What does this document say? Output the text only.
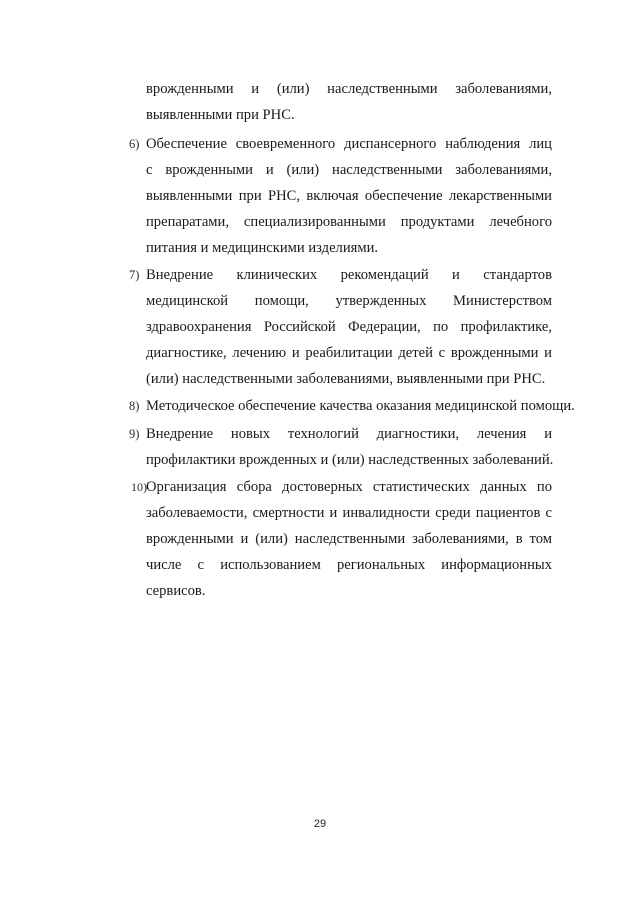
врожденными и (или) наследственными заболеваниями,
выявленными при РНС.
6) Обеспечение своевременного диспансерного наблюдения лиц
с врожденными и (или) наследственными заболеваниями,
выявленными при РНС, включая обеспечение лекарственными
препаратами, специализированными продуктами лечебного
питания и медицинскими изделиями.
7) Внедрение клинических рекомендаций и стандартов
медицинской помощи, утвержденных Министерством
здравоохранения Российской Федерации, по профилактике,
диагностике, лечению и реабилитации детей с врожденными и
(или) наследственными заболеваниями, выявленными при РНС.
8) Методическое обеспечение качества оказания медицинской помощи.
9) Внедрение новых технологий диагностики, лечения и
профилактики врожденных и (или) наследственных заболеваний.
10) Организация сбора достоверных статистических данных по
заболеваемости, смертности и инвалидности среди пациентов с
врожденными и (или) наследственными заболеваниями, в том
числе с использованием региональных информационных
сервисов.
29
